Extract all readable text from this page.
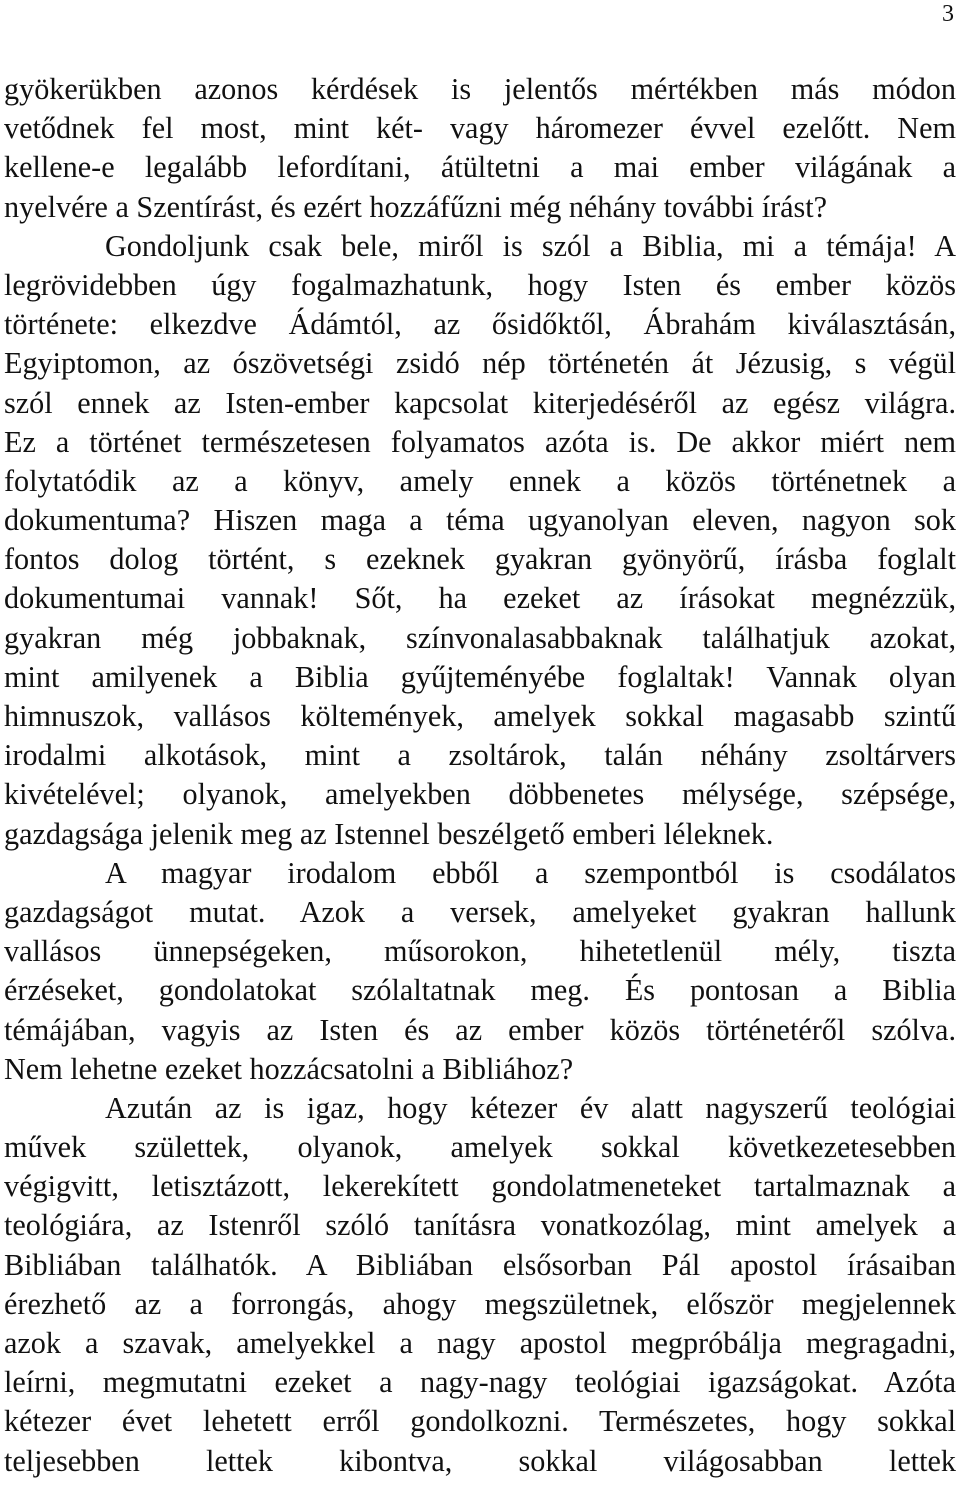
3
gyökerükben azonos kérdések is jelentős mértékben más módon
vetődnek fel most, mint két- vagy háromezer évvel ezelőtt. Nem
kellene-e legalább lefordítani, átültetni a mai ember világának a
nyelvére a Szentírást, és ezért hozzáfűzni még néhány további írást?
Gondoljunk csak bele, miről is szól a Biblia, mi a témája! A
legrövidebben úgy fogalmazhatunk, hogy Isten és ember közös
története: elkezdve Ádámtól, az ősidőktől, Ábrahám kiválasztásán,
Egyiptomon, az ószövetségi zsidó nép történetén át Jézusig, s végül
szól ennek az Isten-ember kapcsolat kiterjedéséről az egész világra.
Ez a történet természetesen folyamatos azóta is. De akkor miért nem
folytatódik az a könyv, amely ennek a közös történetnek a
dokumentuma? Hiszen maga a téma ugyanolyan eleven, nagyon sok
fontos dolog történt, s ezeknek gyakran gyönyörű, írásba foglalt
dokumentumai vannak! Sőt, ha ezeket az írásokat megnézzük,
gyakran még jobbaknak, színvonalasabbaknak találhatjuk azokat,
mint amilyenek a Biblia gyűjteményébe foglaltak! Vannak olyan
himnuszok, vallásos költemények, amelyek sokkal magasabb szintű
irodalmi alkotások, mint a zsoltárok, talán néhány zsoltárvers
kivételével; olyanok, amelyekben döbbenetes mélysége, szépsége,
gazdagsága jelenik meg az Istennel beszélgető emberi léleknek.
A magyar irodalom ebből a szempontból is csodálatos
gazdagságot mutat. Azok a versek, amelyeket gyakran hallunk
vallásos ünnepségeken, műsorokon, hihetetlenül mély, tiszta
érzéseket, gondolatokat szólaltatnak meg. És pontosan a Biblia
témájában, vagyis az Isten és az ember közös történetéről szólva.
Nem lehetne ezeket hozzácsatolni a Bibliához?
Azután az is igaz, hogy kétezer év alatt nagyszerű teológiai
művek születtek, olyanok, amelyek sokkal következetesebben
végigvitt, letisztázott, lekerekített gondolatmeneteket tartalmaznak a
teológiára, az Istenről szóló tanításra vonatkozólag, mint amelyek a
Bibliában találhatók. A Bibliában elsősorban Pál apostol írásaiban
érezhető az a forrongás, ahogy megszületnek, először megjelennek
azok a szavak, amelyekkel a nagy apostol megpróbálja megragadni,
leírni, megmutatni ezeket a nagy-nagy teológiai igazságokat. Azóta
kétezer évet lehetett erről gondolkozni. Természetes, hogy sokkal
teljesebben lettek kibontva, sokkal világosabban lettek
